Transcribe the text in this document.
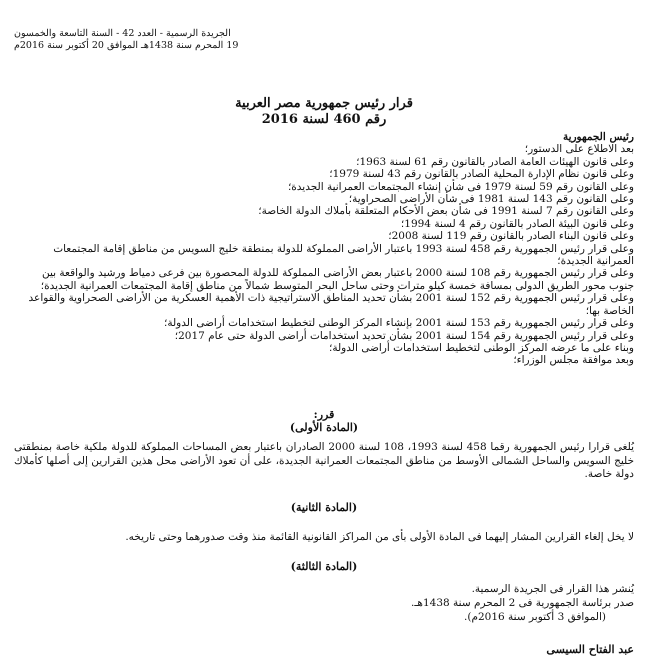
الجريدة الرسمية - العدد 42 - السنة التاسعة والخمسون
19 المحرم سنة 1438هـ الموافق 20 أكتوبر سنة 2016م
قرار رئيس جمهورية مصر العربية
رقم 460 لسنة 2016

رئيس الجمهورية

بعد الاطلاع على الدستور؛

وعلى قانون الهيئات العامة الصادر بالقانون رقم 61 لسنة 1963؛

وعلى قانون نظام الإدارة المحلية الصادر بالقانون رقم 43 لسنة 1979؛

وعلى القانون رقم 59 لسنة 1979 فى شأن إنشاء المجتمعات العمرانية الجديدة؛

وعلى القانون رقم 143 لسنة 1981 فى شأن الأراضى الصحراوية؛

وعلى القانون رقم 7 لسنة 1991 فى شأن بعض الأحكام المتعلقة بأملاك الدولة الخاصة؛

وعلى قانون البيئة الصادر بالقانون رقم 4 لسنة 1994؛

وعلى قانون البناء الصادر بالقانون رقم 119 لسنة 2008؛

وعلى قرار رئيس الجمهورية رقم 458 لسنة 1993 باعتبار الأراضى المملوكة للدولة بمنطقة خليج السويس من مناطق إقامة المجتمعات العمرانية الجديدة؛

وعلى قرار رئيس الجمهورية رقم 108 لسنة 2000 باعتبار بعض الأراضى المملوكة للدولة المحصورة بين فرعى دمياط ورشيد والواقعة بين جنوب محور الطريق الدولى بمسافة خمسة كيلو مترات وحتى ساحل البحر المتوسط شمالاً من مناطق إقامة المجتمعات العمرانية الجديدة؛

وعلى قرار رئيس الجمهورية رقم 152 لسنة 2001 بشأن تحديد المناطق الاستراتيجية ذات الأهمية العسكرية من الأراضى الصحراوية والقواعد الخاصة بها؛

وعلى قرار رئيس الجمهورية رقم 153 لسنة 2001 بإنشاء المركز الوطنى لتخطيط استخدامات أراضى الدولة؛

وعلى قرار رئيس الجمهورية رقم 154 لسنة 2001 بشأن تحديد استخدامات أراضى الدولة حتى عام 2017؛

وبناء على ما عرضه المركز الوطنى لتخطيط استخدامات أراضى الدولة؛

وبعد موافقة مجلس الوزراء؛

قرر:
(المادة الأولى)
يُلغى قرارا رئيس الجمهورية رقما 458 لسنة 1993، 108 لسنة 2000 الصادران باعتبار بعض المساحات المملوكة للدولة ملكية خاصة بمنطقتى خليج السويس والساحل الشمالى الأوسط من مناطق المجتمعات العمرانية الجديدة، على أن تعود الأراضى محل هذين القرارين إلى أصلها كأملاك دولة خاصة.
(المادة الثانية)
لا يخل إلغاء القرارين المشار إليهما فى المادة الأولى بأى من المراكز القانونية القائمة منذ وقت صدورهما وحتى تاريخه.
(المادة الثالثة)
يُنشر هذا القرار فى الجريدة الرسمية.
صدر برئاسة الجمهورية فى 2 المحرم سنة 1438هـ.
(الموافق 3 أكتوبر سنة 2016م).
عبد الفتاح السيسى
